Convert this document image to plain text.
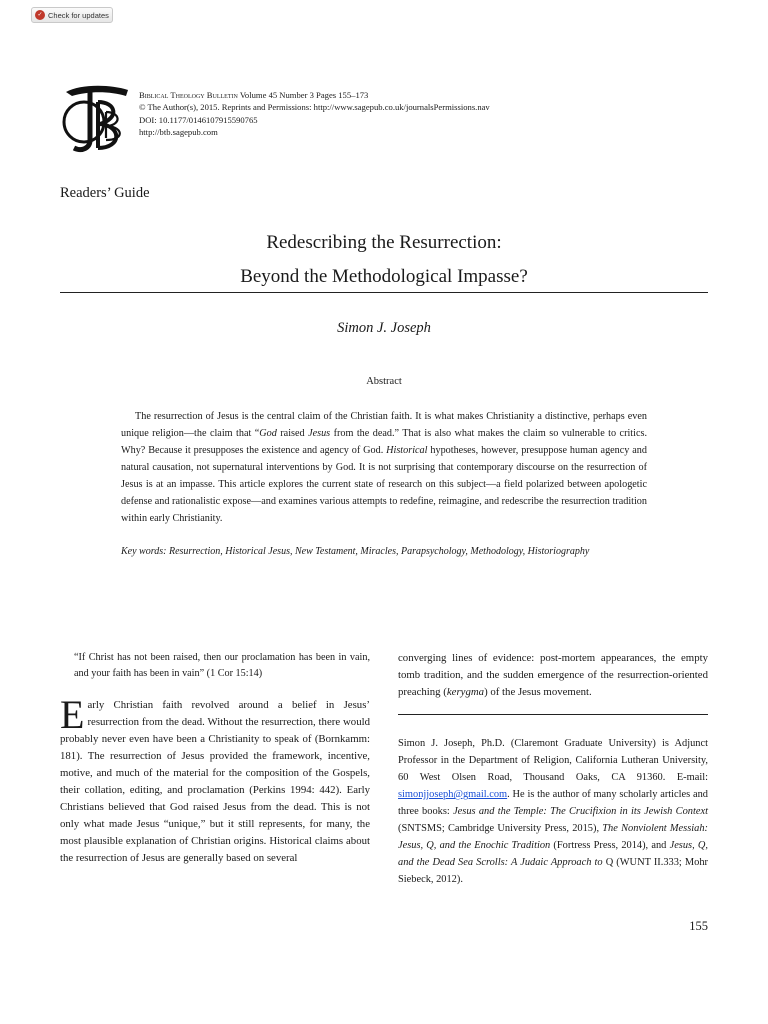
✓ Check for updates
Biblical Theology Bulletin Volume 45 Number 3 Pages 155–173
© The Author(s), 2015. Reprints and Permissions: http://www.sagepub.co.uk/journalsPermissions.nav
DOI: 10.1177/0146107915590765
http://btb.sagepub.com
Readers’ Guide
Redescribing the Resurrection:
Beyond the Methodological Impasse?
Simon J. Joseph
Abstract

The resurrection of Jesus is the central claim of the Christian faith. It is what makes Christianity a distinctive, perhaps even unique religion—the claim that “God raised Jesus from the dead.” That is also what makes the claim so vulnerable to critics. Why? Because it presupposes the existence and agency of God. Historical hypotheses, however, presuppose human agency and natural causation, not supernatural interventions by God. It is not surprising that contemporary discourse on the resurrection of Jesus is at an impasse. This article explores the current state of research on this subject—a field polarized between apologetic defense and rationalistic expose—and examines various attempts to redefine, reimagine, and redescribe the resurrection tradition within early Christianity.

Key words: Resurrection, Historical Jesus, New Testament, Miracles, Parapsychology, Methodology, Historiography

“If Christ has not been raised, then our proclamation has been in vain, and your faith has been in vain” (1 Cor 15:14)

Early Christian faith revolved around a belief in Jesus’ resurrection from the dead. Without the resurrection, there would probably never even have been a Christianity to speak of (Bornkamm: 181). The resurrection of Jesus provided the framework, incentive, motive, and much of the material for the composition of the Gospels, their collation, editing, and proclamation (Perkins 1994: 442). Early Christians believed that God raised Jesus from the dead. This is not only what made Jesus “unique,” but it still represents, for many, the most plausible explanation of Christian origins. Historical claims about the resurrection of Jesus are generally based on several

converging lines of evidence: post-mortem appearances, the empty tomb tradition, and the sudden emergence of the resurrection-oriented preaching (kerygma) of the Jesus movement.

Simon J. Joseph, Ph.D. (Claremont Graduate University) is Adjunct Professor in the Department of Religion, California Lutheran University, 60 West Olsen Road, Thousand Oaks, CA 91360. E-mail: simonjjoseph@gmail.com. He is the author of many scholarly articles and three books: Jesus and the Temple: The Crucifixion in its Jewish Context (SNTSMS; Cambridge University Press, 2015), The Nonviolent Messiah: Jesus, Q, and the Enochic Tradition (Fortress Press, 2014), and Jesus, Q, and the Dead Sea Scrolls: A Judaic Approach to Q (WUNT II.333; Mohr Siebeck, 2012).

155
